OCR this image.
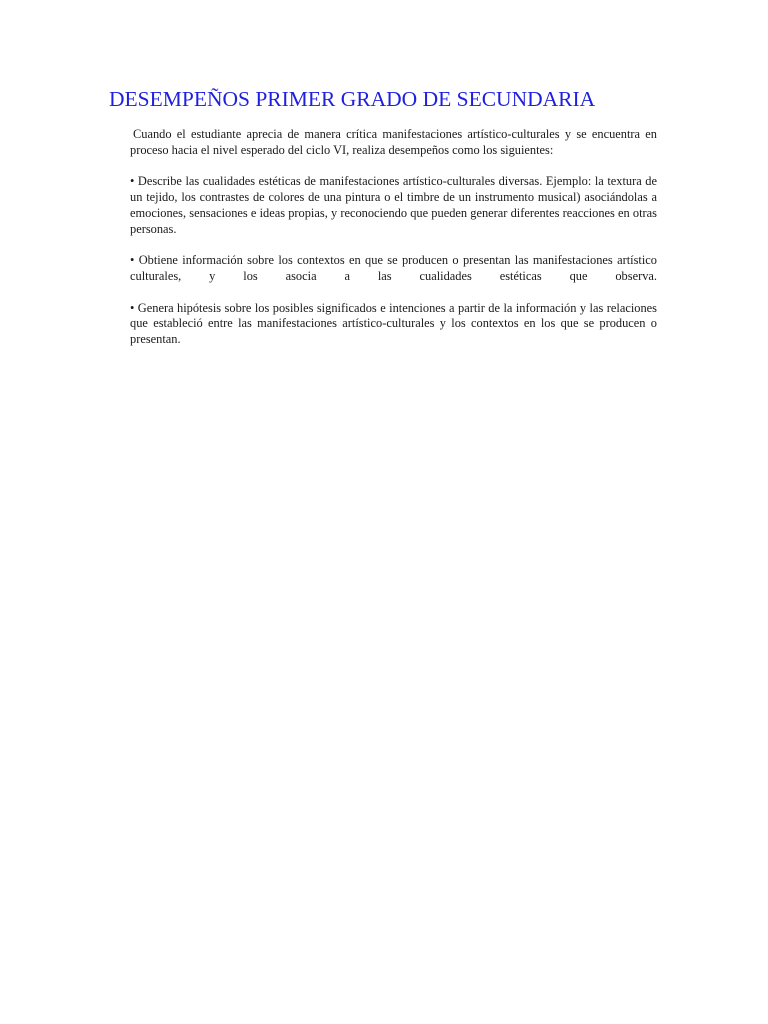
DESEMPEÑOS PRIMER GRADO DE SECUNDARIA

Cuando el estudiante aprecia de manera crítica manifestaciones artístico-culturales y se encuentra en proceso hacia el nivel esperado del ciclo VI, realiza desempeños como los siguientes:

• Describe las cualidades estéticas de manifestaciones artístico-culturales diversas. Ejemplo: la textura de un tejido, los contrastes de colores de una pintura o el timbre de un instrumento musical) asociándolas a emociones, sensaciones e ideas propias, y reconociendo que pueden generar diferentes reacciones en otras personas.

• Obtiene información sobre los contextos en que se producen o presentan las manifestaciones artístico culturales, y los asocia a las cualidades estéticas que observa.

• Genera hipótesis sobre los posibles significados e intenciones a partir de la información y las relaciones que estableció entre las manifestaciones artístico-culturales y los contextos en los que se producen o presentan.
